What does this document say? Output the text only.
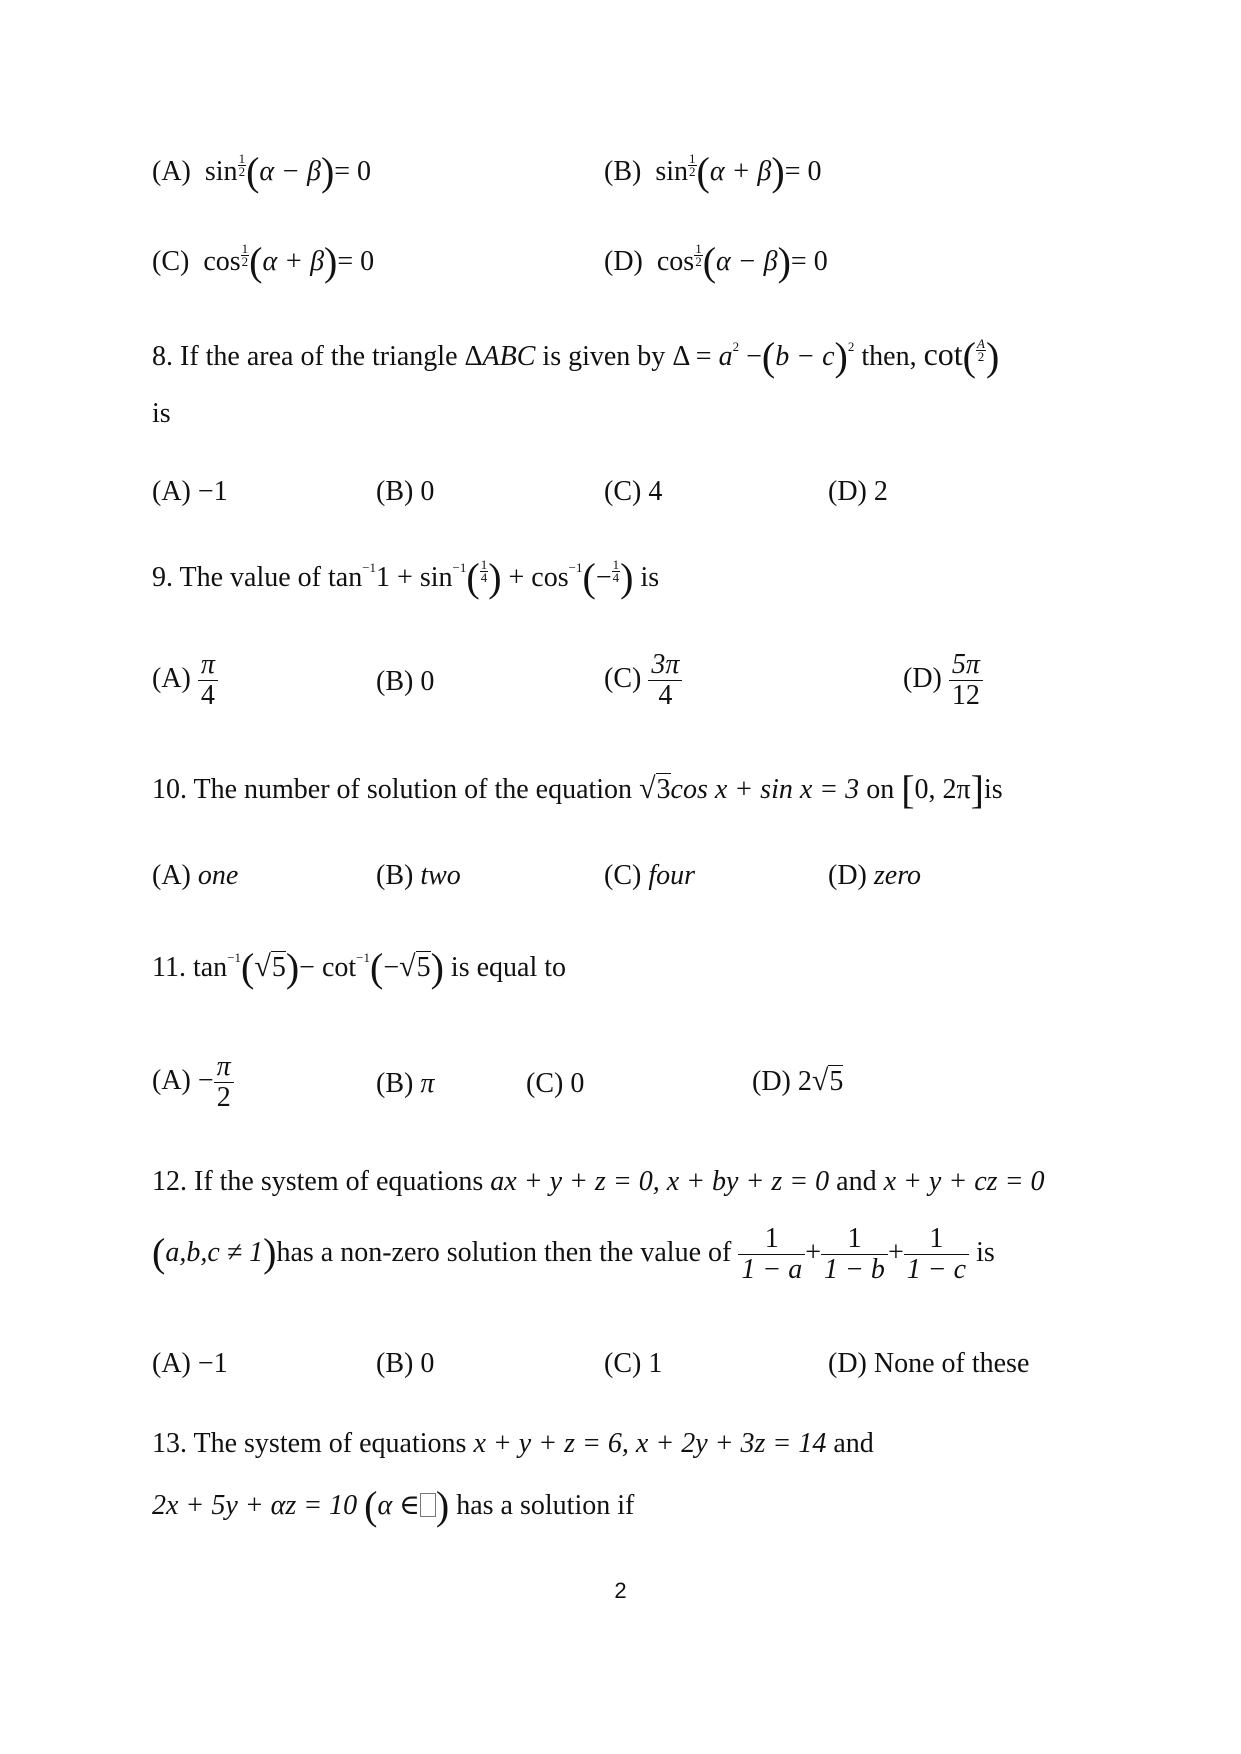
(A) $\sin \frac{1}{2} (\alpha - \beta)= 0$	(B) $\sin \frac{1}{2} (\alpha + \beta)= 0$
(C) $\cos \frac{1}{2} (\alpha + \beta)= 0$	(D) $\cos \frac{1}{2} (\alpha - \beta)= 0$
8. If the area of the triangle ΔABC is given by $\Delta = a^2 -(b - c)^2$ then, $\cot( \frac{A}{2}$ )
is
(A) −1	(B) 0	(C) 4	(D) 2
9. The value of $\tan^{-1}1 + \sin^{-1}( \frac{1}{4}$ ) + $\cos^{-1}(- \frac{1}{4}$ ) is
$(A) \frac{\pi}{4}$	(B) 0	$(C) \frac{3\pi}{4}$	$(D) \frac{5\pi}{12}$
10. The number of solution of the equation √3cos x + sin x = 3 on [0, 2π]is
(A) one	(B) two	(C) four	(D) zero
11. $\tan^{-1}(√5)- \cot^{-1}(-√5)$ is equal to
$(A) - \frac{\pi}{2}$	(B) π	(C) 0	(D) 2√5
12. If the system of equations ax + y + z = 0, x + by + z = 0 and x + y + cz = 0
(a,b,c ≠ 1)has a non-zero solution then the value of $\frac{1}{1 - a} + \frac{1}{1 - b} + \frac{1}{1 - c}$ is
(A) −1	(B) 0	(C) 1	(D) None of these
13. The system of equations x + y + z = 6, x + 2y + 3z = 14 and
2x + 5y + αz = 10 (α ∈ ) has a solution if
2
